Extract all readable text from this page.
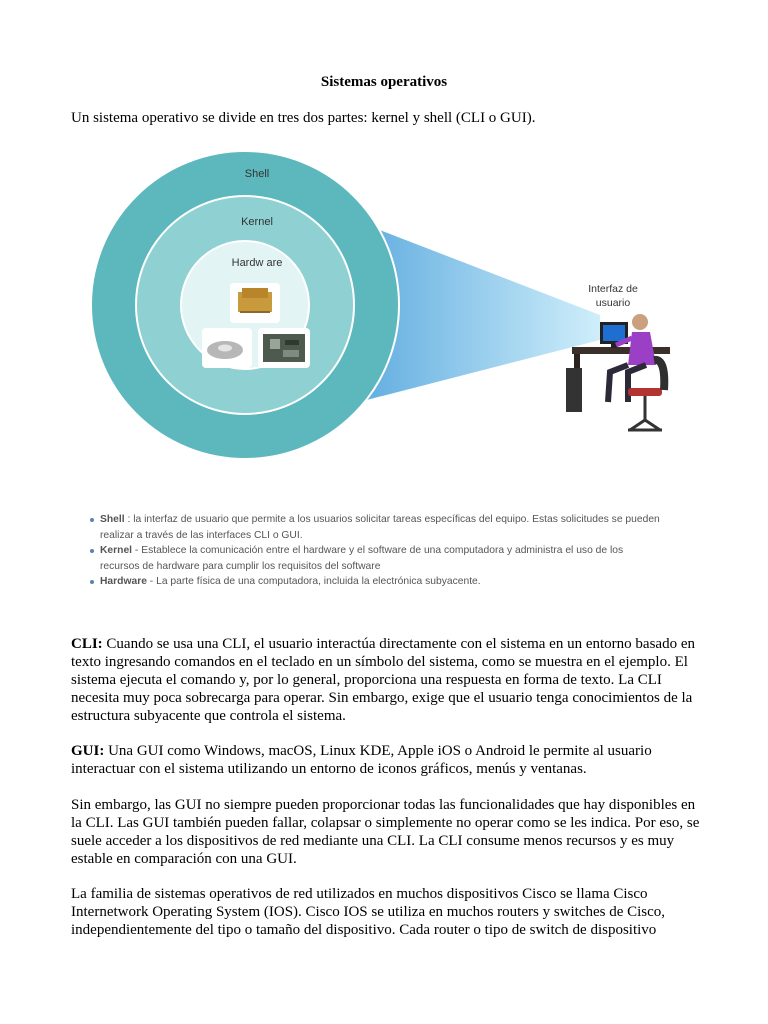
Sistemas operativos
Un sistema operativo se divide en tres dos partes: kernel y shell (CLI o GUI).
Shell
Kernel
Hardw are
Interfaz de
usuario
Shell : la interfaz de usuario que permite a los usuarios solicitar tareas específicas del equipo. Estas solicitudes se pueden
realizar a través de las interfaces CLI o GUI.
Kernel - Establece la comunicación entre el hardware y el software de una computadora y administra el uso de los
recursos de hardware para cumplir los requisitos del software
Hardware - La parte física de una computadora, incluida la electrónica subyacente.
CLI: Cuando se usa una CLI, el usuario interactúa directamente con el sistema en un entorno basado en texto ingresando comandos en el teclado en un símbolo del sistema, como se muestra en el ejemplo. El sistema ejecuta el comando y, por lo general, proporciona una respuesta en forma de texto. La CLI necesita muy poca sobrecarga para operar. Sin embargo, exige que el usuario tenga conocimientos de la estructura subyacente que controla el sistema.
GUI: Una GUI como Windows, macOS, Linux KDE, Apple iOS o Android le permite al usuario interactuar con el sistema utilizando un entorno de iconos gráficos, menús y ventanas.
Sin embargo, las GUI no siempre pueden proporcionar todas las funcionalidades que hay disponibles en la CLI. Las GUI también pueden fallar, colapsar o simplemente no operar como se les indica. Por eso, se suele acceder a los dispositivos de red mediante una CLI. La CLI consume menos recursos y es muy estable en comparación con una GUI.
La familia de sistemas operativos de red utilizados en muchos dispositivos Cisco se llama Cisco Internetwork Operating System (IOS). Cisco IOS se utiliza en muchos routers y switches de Cisco, independientemente del tipo o tamaño del dispositivo. Cada router o tipo de switch de dispositivo
